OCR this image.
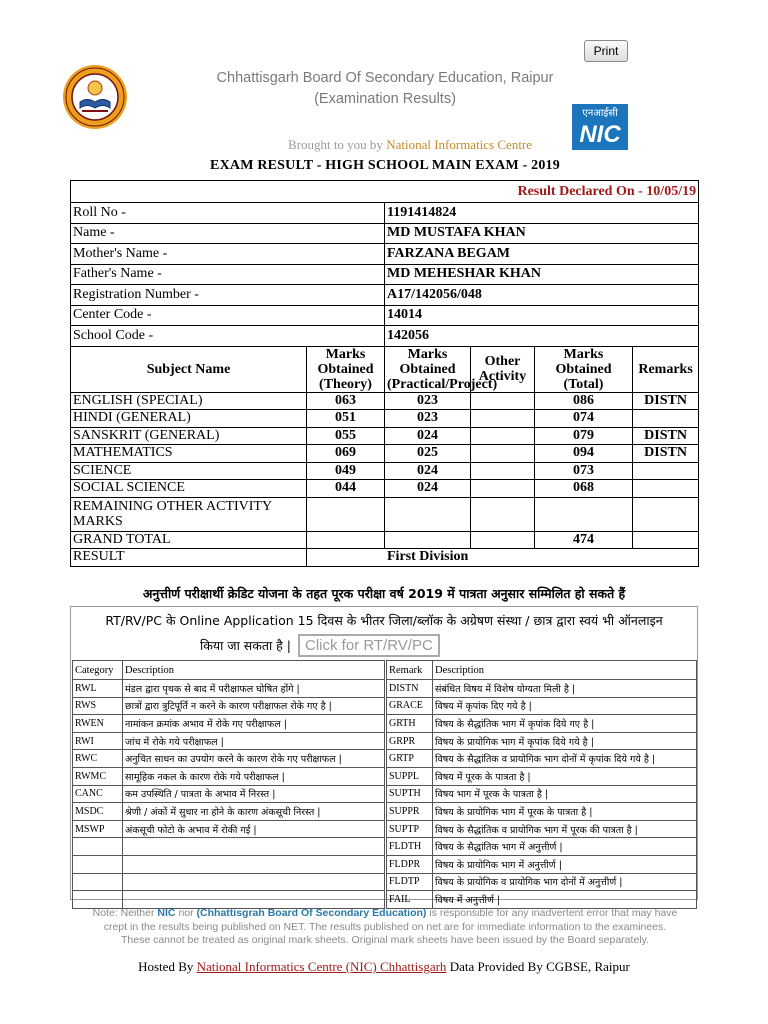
Print
Chhattisgarh Board Of Secondary Education, Raipur
(Examination Results)
Brought to you by National Informatics Centre
एनआईसी
NIC
EXAM RESULT - HIGH SCHOOL MAIN EXAM - 2019
Result Declared On - 10/05/19					
Roll No -		1191414824			
Name -		MD MUSTAFA KHAN			
Mother's Name -		FARZANA BEGAM			
Father's Name -		MD MEHESHAR KHAN			
Registration Number -		A17/142056/048			
Center Code -		14014			
School Code -		142056			
Subject Name	Marks Obtained (Theory)	Marks Obtained (Practical/Project)	Other Activity	Marks Obtained (Total)	Remarks
ENGLISH (SPECIAL)	063	023		086	DISTN
HINDI (GENERAL)	051	023		074	
SANSKRIT (GENERAL)	055	024		079	DISTN
MATHEMATICS	069	025		094	DISTN
SCIENCE	049	024		073	
SOCIAL SCIENCE	044	024		068	
REMAINING OTHER ACTIVITY MARKS					
GRAND TOTAL				474	
RESULT	First Division				
अनुत्तीर्ण परीक्षार्थी क्रेडिट योजना के तहत पूरक परीक्षा वर्ष 2019 में पात्रता अनुसार सम्मिलित हो सकते हैं
RT/RV/PC के Online Application 15 दिवस के भीतर जिला/ब्लॉक के अग्रेषण संस्था / छात्र द्वारा स्वयं भी ऑनलाइन
किया जा सकता है | Click for RT/RV/PC
Category	Description		Remark	Description
RWL	मंडल द्वारा पृथक से बाद में परीक्षाफल घोषित होंगे |		DISTN	संबंधित विषय में विशेष योग्यता मिली है |
RWS	छात्रों द्वारा त्रुटिपूर्ति न करने के कारण परीक्षाफल रोके गए है |		GRACE	विषय में कृपांक दिए गये है |
RWEN	नामांकन क्रमांक अभाव में रोके गए परीक्षाफल |		GRTH	विषय के सैद्धांतिक भाग में कृपांक दिये गए है |
RWI	जांच में रोके गये परीक्षाफल |		GRPR	विषय के प्रायोगिक भाग में कृपांक दिये गये है |
RWC	अनुचित साधन का उपयोग करने के कारण रोके गए परीक्षाफल |		GRTP	विषय के सैद्धांतिक व प्रायोगिक भाग दोनों में कृपांक दिये गये है |
RWMC	सामूहिक नकल के कारण रोके गये परीक्षाफल |		SUPPL	विषय में पूरक के पात्रता है |
CANC	कम उपस्थिति / पात्रता के अभाव में निरस्त |		SUPTH	विषय भाग में पूरक के पात्रता है |
MSDC	श्रेणी / अंकों में सुधार ना होने के कारण अंकसूची निरस्त |		SUPPR	विषय के प्रायोगिक भाग में पूरक के पात्रता है |
MSWP	अंकसूची फोटो के अभाव में रोकी गई |		SUPTP	विषय के सैद्धांतिक व प्रायोगिक भाग में पूरक की पात्रता है |
			FLDTH	विषय के सैद्धांतिक भाग में अनुत्तीर्ण |
			FLDPR	विषय के प्रायोगिक भाग में अनुत्तीर्ण |
			FLDTP	विषय के प्रायोगिक व प्रायोगिक भाग दोनों में अनुत्तीर्ण |
			FAIL	विषय में अनुत्तीर्ण |
Note: Neither NIC nor (Chhattisgrah Board Of Secondary Education) is responsible for any inadvertent error that may have crept in the results being published on NET. The results published on net are for immediate information to the examinees. These cannot be treated as original mark sheets. Original mark sheets have been issued by the Board separately.
Hosted By National Informatics Centre (NIC) Chhattisgarh Data Provided By CGBSE, Raipur
